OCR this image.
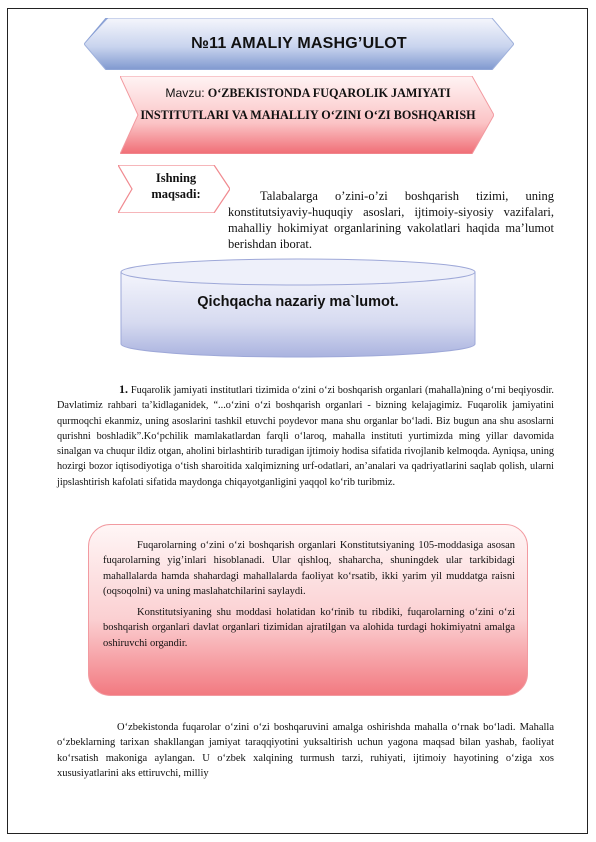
№11 AMALIY MASHG’ULOT
Mavzu: O‘ZBEKISTONDA FUQAROLIK JAMIYATI INSTITUTLARI VA MAHALLIY O‘ZINI O‘ZI BOSHQARISH
Ishning maqsadi:	Talabalarga o’zini-o’zi boshqarish tizimi, uning konstitutsiyaviy-huquqiy asoslari, ijtimoiy-siyosiy vazifalari, mahalliy hokimiyat organlarining vakolatlari haqida ma’lumot berishdan iborat.
Qichqacha nazariy ma`lumot.
1. Fuqarolik jamiyati institutlari tizimida o‘zini o‘zi boshqarish organlari (mahalla)ning o‘rni beqiyosdir. Davlatimiz rahbari ta’kidlaganidek, “...o‘zini o‘zi boshqarish organlari - bizning kelajagimiz. Fuqarolik jamiyatini qurmoqchi ekanmiz, uning asoslarini tashkil etuvchi poydevor mana shu organlar bo‘ladi. Biz bugun ana shu asoslarni qurishni boshladik”.Ko‘pchilik mamlakatlardan farqli o‘laroq, mahalla instituti yurtimizda ming yillar davomida sinalgan va chuqur ildiz otgan, aholini birlashtirib turadigan ijtimoiy hodisa sifatida rivojlanib kelmoqda. Ayniqsa, uning hozirgi bozor iqtisodiyotiga o‘tish sharoitida xalqimizning urf-odatlari, an’analari va qadriyatlarini saqlab qolish, ularni jipslashtirish kafolati sifatida maydonga chiqayotganligini yaqqol ko‘rib turibmiz.

Fuqarolarning o‘zini o‘zi boshqarish organlari Konstitutsiyaning 105-moddasiga asosan fuqarolarning yig’inlari hisoblanadi. Ular qishloq, shaharcha, shuningdek ular tarkibidagi mahallalarda hamda shahardagi mahallalarda faoliyat ko‘rsatib, ikki yarim yil muddatga raisni (oqsoqolni) va uning maslahatchilarini saylaydi.

Konstitutsiyaning shu moddasi holatidan ko‘rinib tu ribdiki, fuqarolarning o‘zini o‘zi boshqarish organlari davlat organlari tizimidan ajratilgan va alohida turdagi hokimiyatni amalga oshiruvchi organdir.

O‘zbekistonda fuqarolar o‘zini o‘zi boshqaruvini amalga oshirishda mahalla o‘rnak bo‘ladi. Mahalla o‘zbeklarning tarixan shakllangan jamiyat taraqqiyotini yuksaltirish uchun yagona maqsad bilan yashab, faoliyat ko‘rsatish makoniga aylangan. U o‘zbek xalqining turmush tarzi, ruhiyati, ijtimoiy hayotining o‘ziga xos xususiyatlarini aks ettiruvchi, milliy
